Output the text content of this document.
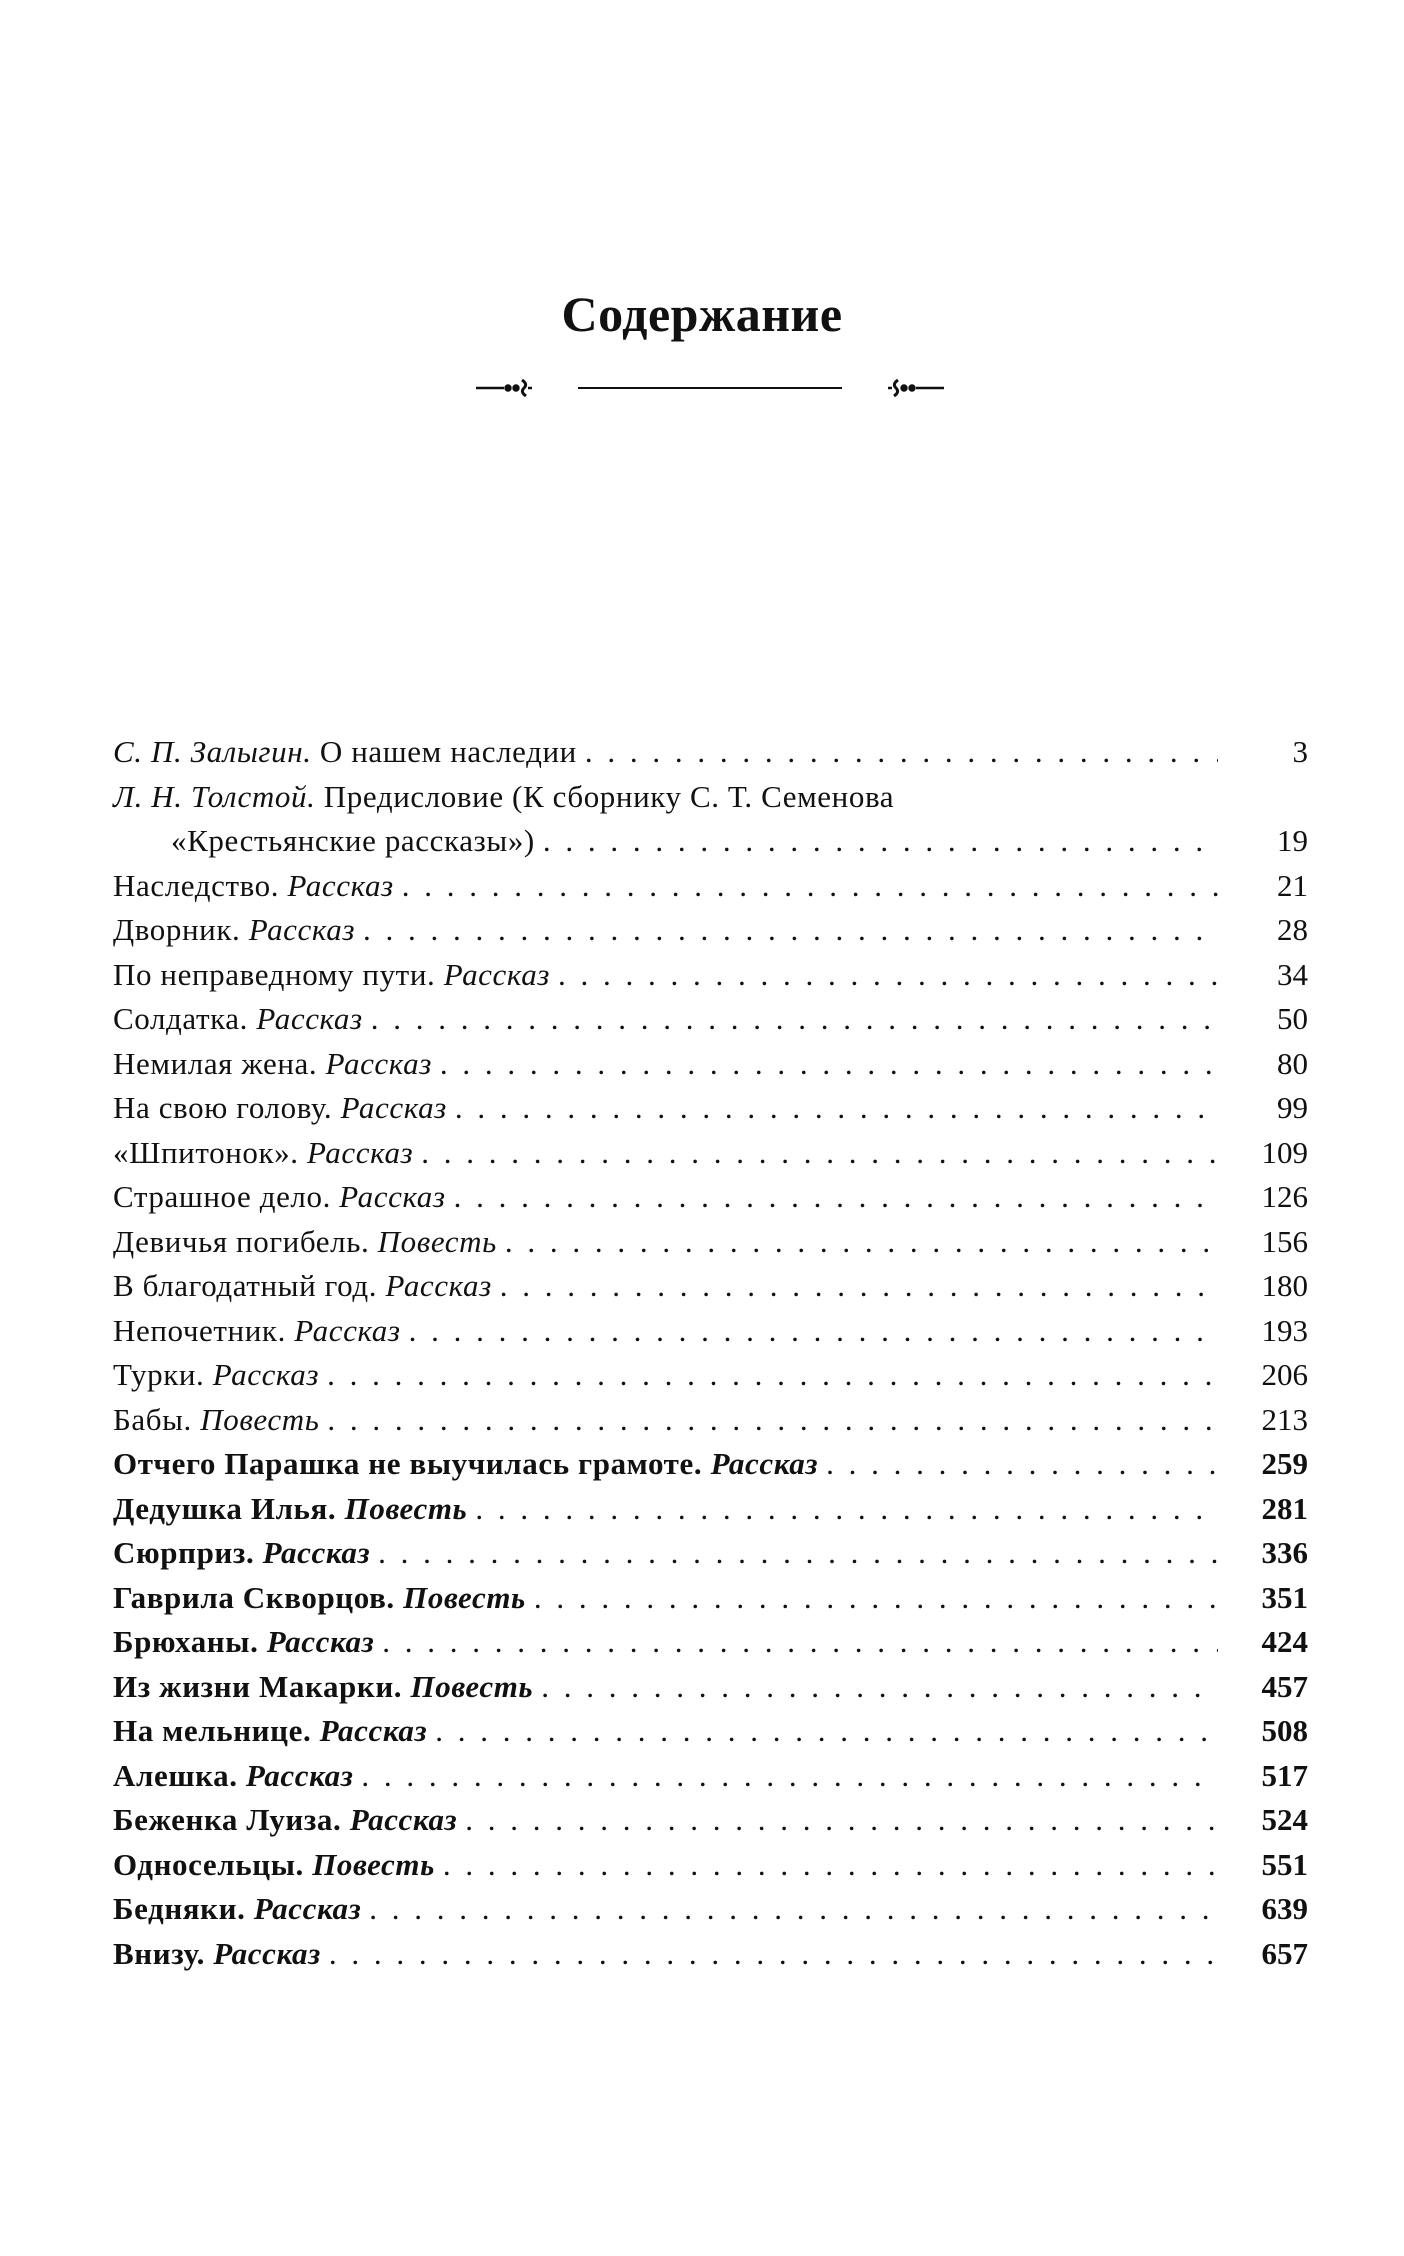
Содержание
С. П. Залыгин. О нашем наследии . . .	3
Л. Н. Толстой. Предисловие (К сборнику С. Т. Семенова
«Крестьянские рассказы») . . .	19
Наследство. Рассказ . . .	21
Дворник. Рассказ . . .	28
По неправедному пути. Рассказ . . .	34
Солдатка. Рассказ . . .	50
Немилая жена. Рассказ . . .	80
На свою голову. Рассказ . . .	99
«Шпитонок». Рассказ . . .	109
Страшное дело. Рассказ . . .	126
Девичья погибель. Повесть . . .	156
В благодатный год. Рассказ . . .	180
Непочетник. Рассказ . . .	193
Турки. Рассказ . . .	206
Бабы. Повесть . . .	213
Отчего Парашка не выучилась грамоте. Рассказ . . .	259
Дедушка Илья. Повесть . . .	281
Сюрприз. Рассказ . . .	336
Гаврила Скворцов. Повесть . . .	351
Брюханы. Рассказ . . .	424
Из жизни Макарки. Повесть . . .	457
На мельнице. Рассказ . . .	508
Алешка. Рассказ . . .	517
Беженка Луиза. Рассказ . . .	524
Односельцы. Повесть . . .	551
Бедняки. Рассказ . . .	639
Внизу. Рассказ . . .	657
